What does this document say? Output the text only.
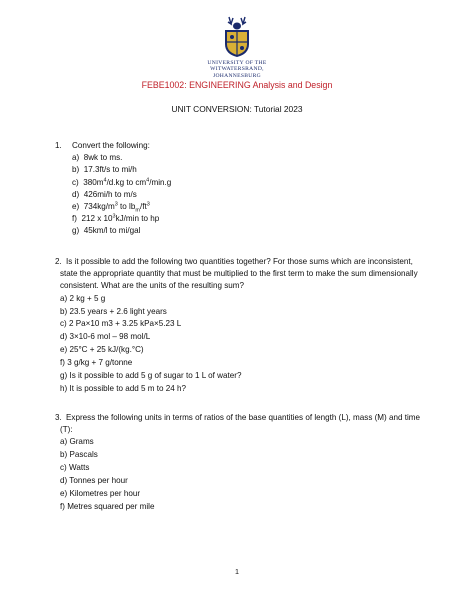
UNIVERSITY OF THE
WITWATERSRAND,
JOHANNESBURG
FEBE1002: ENGINEERING Analysis and Design
UNIT CONVERSION: Tutorial 2023
1. Convert the following:

a) 8wk to ms.
b) 17.3ft/s to mi/h
c) $380m^4/d.kg$ to $cm^4/\min.g$
d) 426mi/h to m/s
e) $734kg/m^3$ to $lb_m/ft^3$
f) 212 x $10^3kJ/\min$ to hp
g) 45km/l to mi/gal
2. Is it possible to add the following two quantities together? For those sums which are inconsistent, state the appropriate quantity that must be multiplied to the first term to make the sum dimensionally consistent. What are the units of the resulting sum?

a) 2 kg + 5 g
b) 23.5 years + 2.6 light years
c) 2 Pa×10 m3 + 3.25 kPa×5.23 L
d) 3×10-6 mol – 98 mol/L
e) 25°C + 25 kJ/(kg.°C)
f) 3 g/kg + 7 g/tonne
g) Is it possible to add 5 g of sugar to 1 L of water?
h) It is possible to add 5 m to 24 h?
3. Express the following units in terms of ratios of the base quantities of length (L), mass (M) and time (T):

a) Grams
b) Pascals
c) Watts
d) Tonnes per hour
e) Kilometres per hour
f) Metres squared per mile
1
